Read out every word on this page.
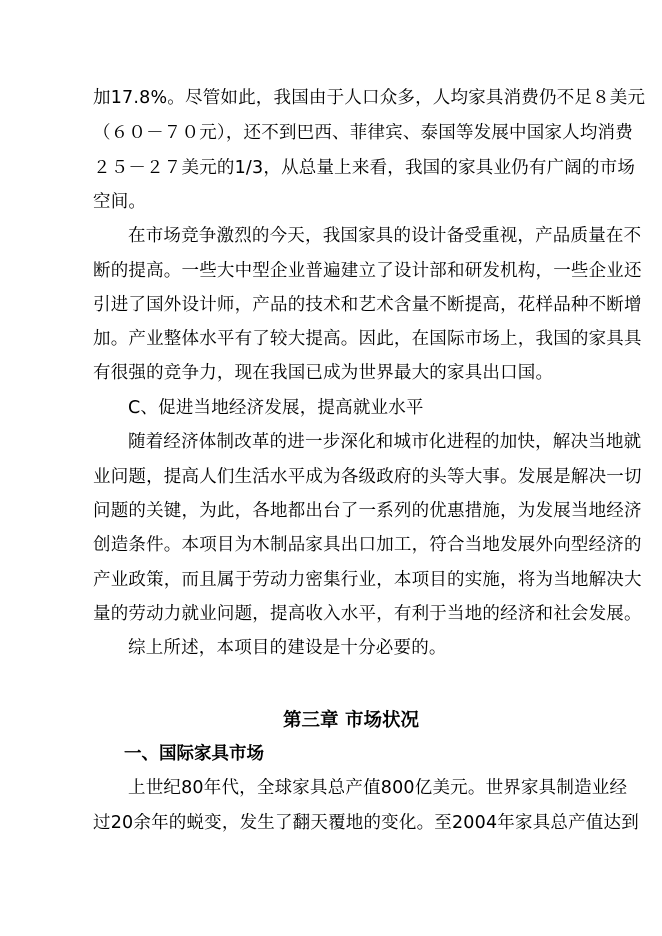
加17.8%。尽管如此，我国由于人口众多，人均家具消费仍不足８美元
（６０－７０元），还不到巴西、菲律宾、泰国等发展中国家人均消费
２５－２７美元的1/3，从总量上来看，我国的家具业仍有广阔的市场
空间。
在市场竞争激烈的今天，我国家具的设计备受重视，产品质量在不
断的提高。一些大中型企业普遍建立了设计部和研发机构，一些企业还
引进了国外设计师，产品的技术和艺术含量不断提高，花样品种不断增
加。产业整体水平有了较大提高。因此，在国际市场上，我国的家具具
有很强的竞争力，现在我国已成为世界最大的家具出口国。
C、促进当地经济发展，提高就业水平
随着经济体制改革的进一步深化和城市化进程的加快，解决当地就
业问题，提高人们生活水平成为各级政府的头等大事。发展是解决一切
问题的关键，为此，各地都出台了一系列的优惠措施，为发展当地经济
创造条件。本项目为木制品家具出口加工，符合当地发展外向型经济的
产业政策，而且属于劳动力密集行业，本项目的实施，将为当地解决大
量的劳动力就业问题，提高收入水平，有利于当地的经济和社会发展。
综上所述，本项目的建设是十分必要的。
第三章 市场状况
一、国际家具市场
上世纪80年代，全球家具总产值800亿美元。世界家具制造业经
过20余年的蜕变，发生了翻天覆地的变化。至2004年家具总产值达到
